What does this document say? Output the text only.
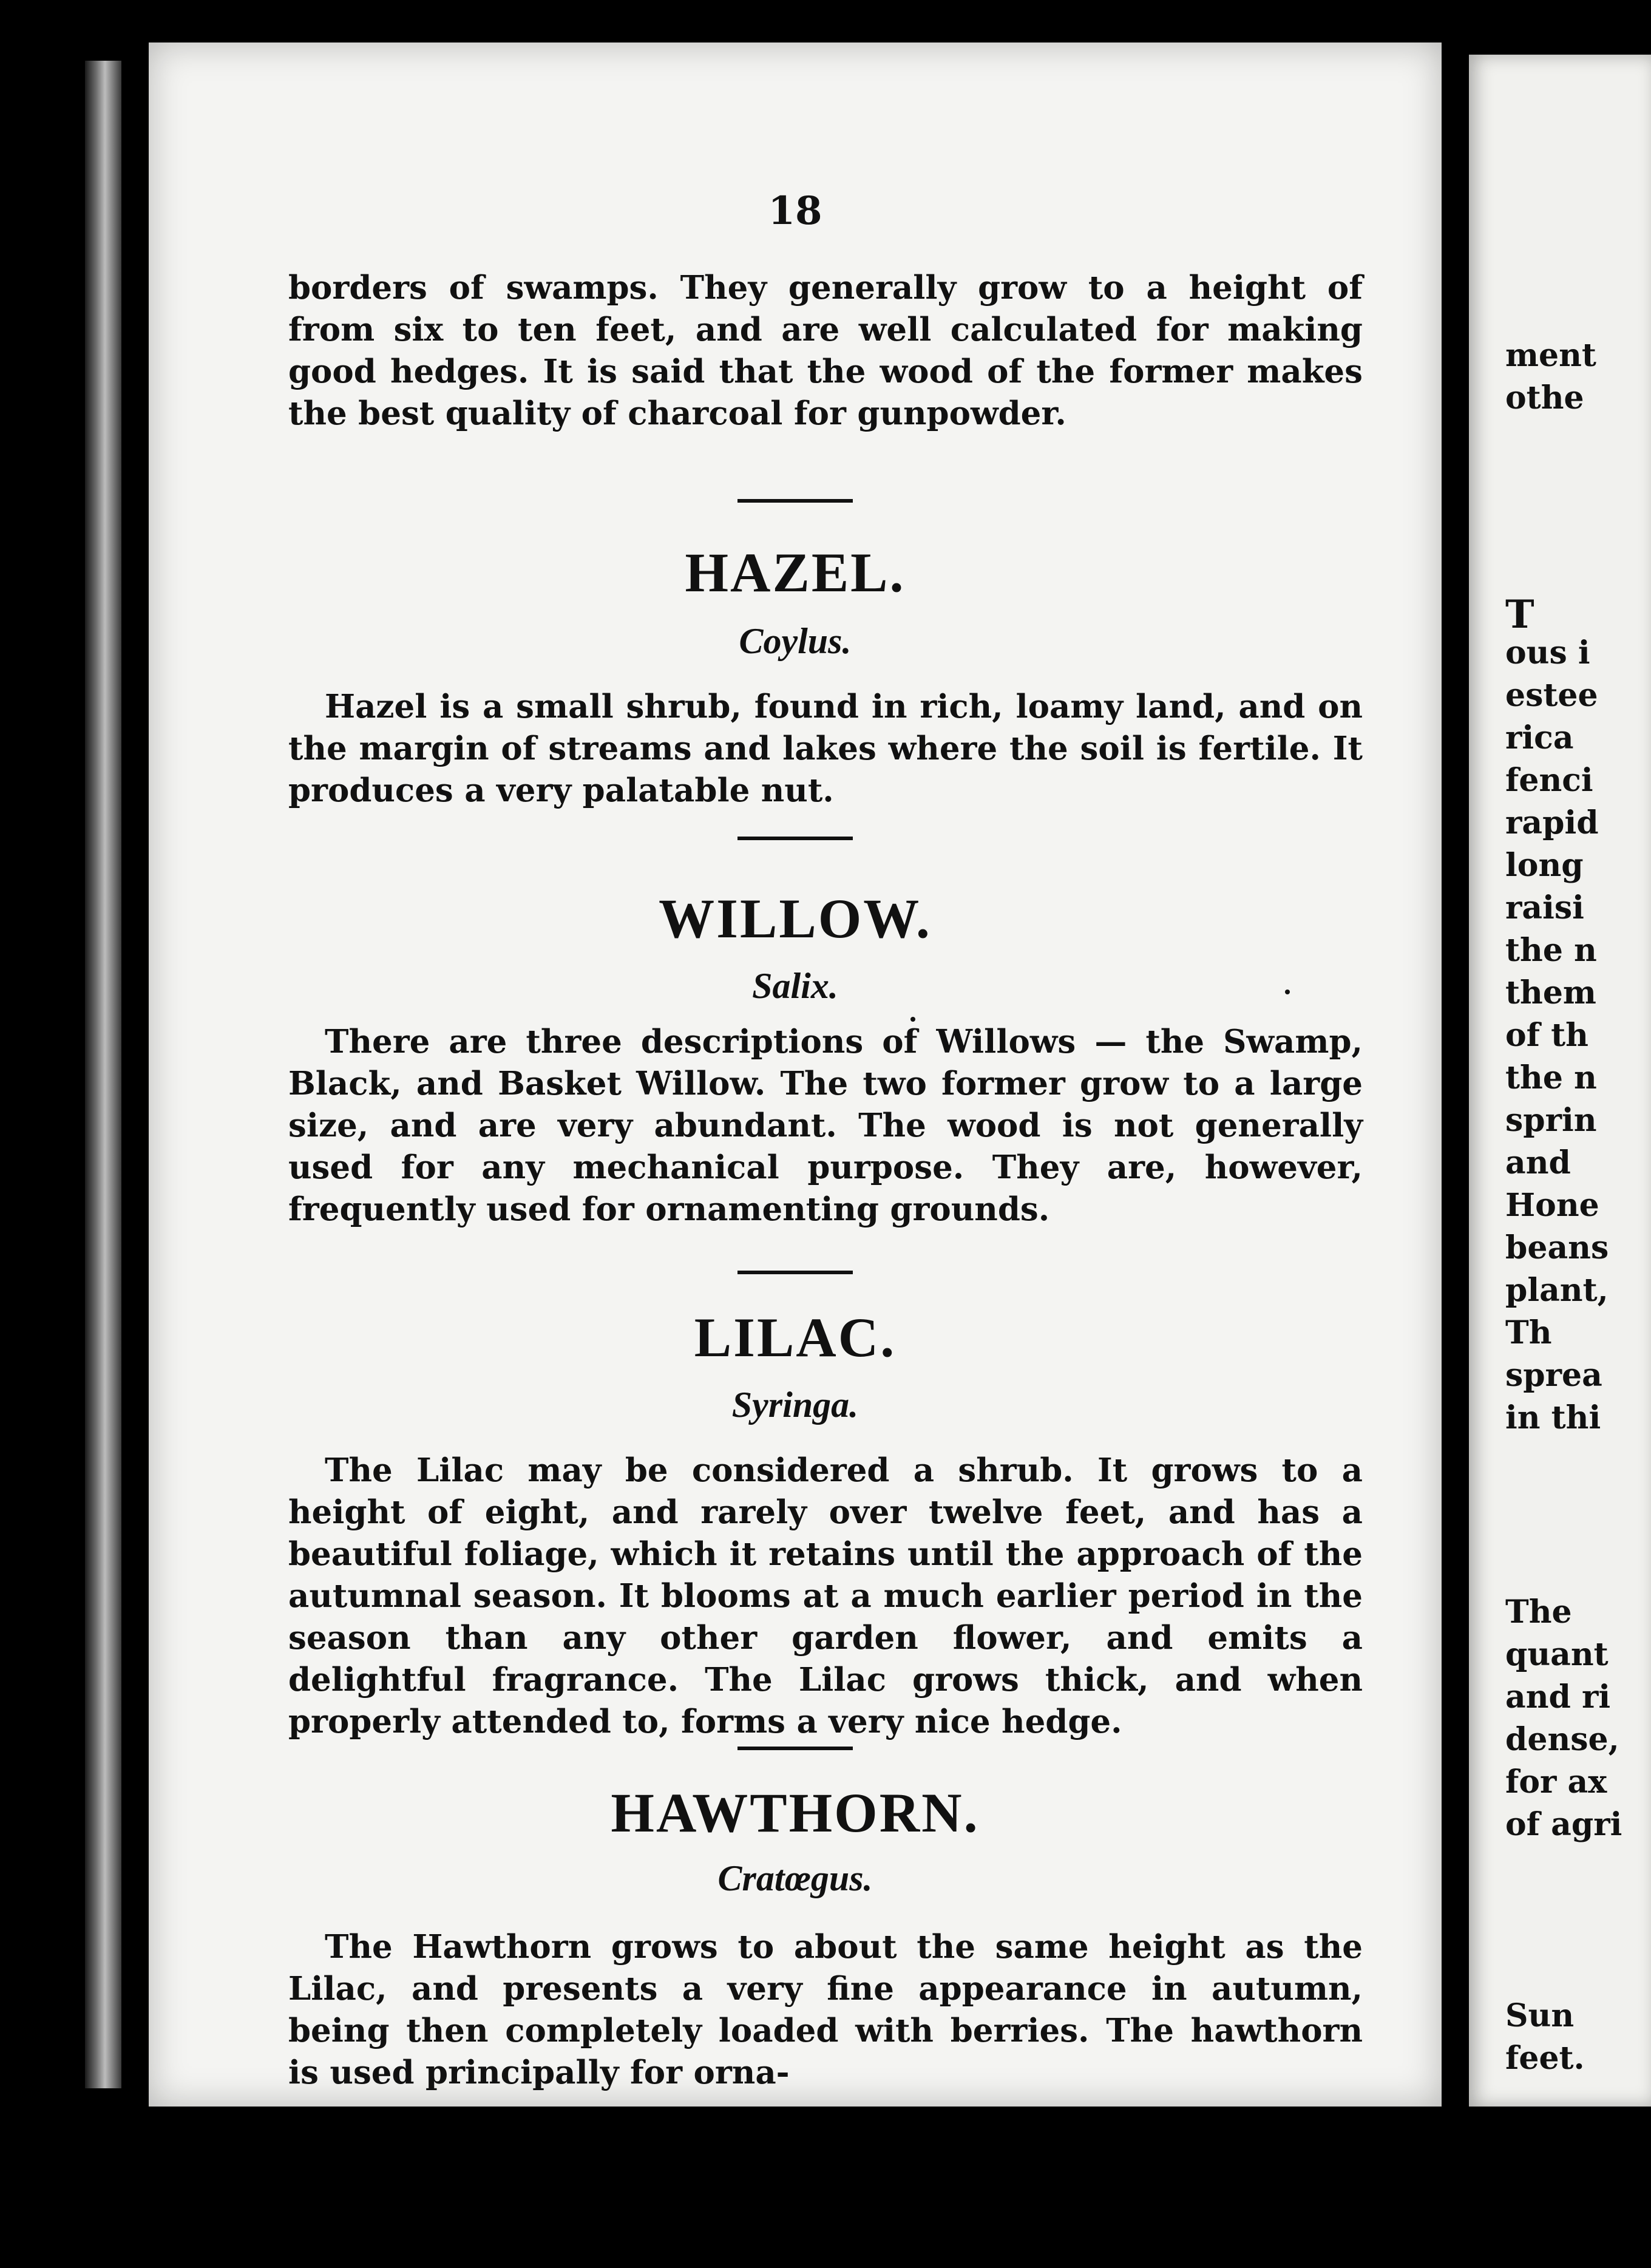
18
borders of swamps. They generally grow to a height of from six to ten feet, and are well calculated for making good hedges. It is said that the wood of the former makes the best quality of charcoal for gunpowder.
HAZEL.
Coylus.
Hazel is a small shrub, found in rich, loamy land, and on the margin of streams and lakes where the soil is fertile. It produces a very palatable nut.
WILLOW.
Salix.
There are three descriptions of Willows — the Swamp, Black, and Basket Willow. The two former grow to a large size, and are very abundant. The wood is not generally used for any mechanical purpose. They are, however, frequently used for ornamenting grounds.
LILAC.
Syringa.
The Lilac may be considered a shrub. It grows to a height of eight, and rarely over twelve feet, and has a beautiful foliage, which it retains until the approach of the autumnal season. It blooms at a much earlier period in the season than any other garden flower, and emits a delightful fragrance. The Lilac grows thick, and when properly attended to, forms a very nice hedge.
HAWTHORN.
Cratœgus.
The Hawthorn grows to about the same height as the Lilac, and presents a very fine appearance in autumn, being then completely loaded with berries. The hawthorn is used principally for orna-
ment
othe
T
ous i
estee
rica
fenci
rapid
long
raisi
the n
them
of th
the n
sprin
and
Hone
beans
plant,
Th
sprea
in thi
The
quant
and ri
dense,
for ax
of agri
Sun
feet.
